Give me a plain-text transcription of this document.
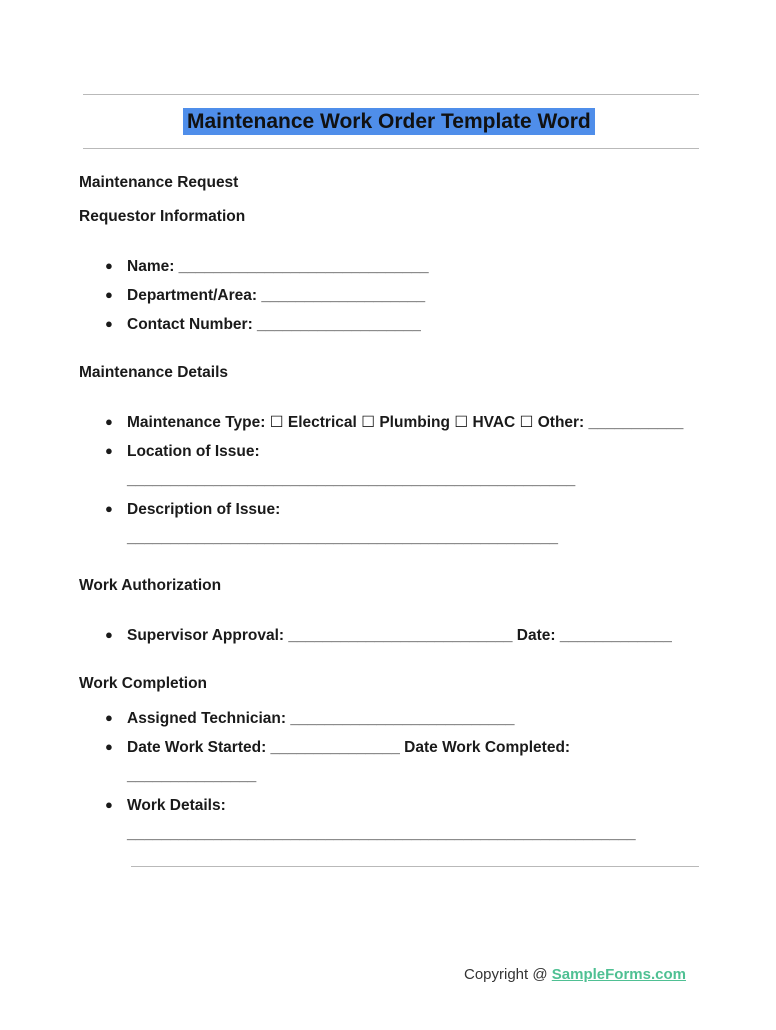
Maintenance Work Order Template Word
Maintenance Request
Requestor Information
● Name: _____________________________
● Department/Area: ___________________
● Contact Number: ___________________
Maintenance Details
● Maintenance Type: ☐ Electrical ☐ Plumbing ☐ HVAC ☐ Other: ___________
● Location of Issue:
____________________________________________________
● Description of Issue:
__________________________________________________
Work Authorization
● Supervisor Approval: __________________________ Date: _____________
Work Completion
● Assigned Technician: __________________________
● Date Work Started: _______________ Date Work Completed:
_______________
● Work Details:
___________________________________________________________
Copyright @ SampleForms.com
